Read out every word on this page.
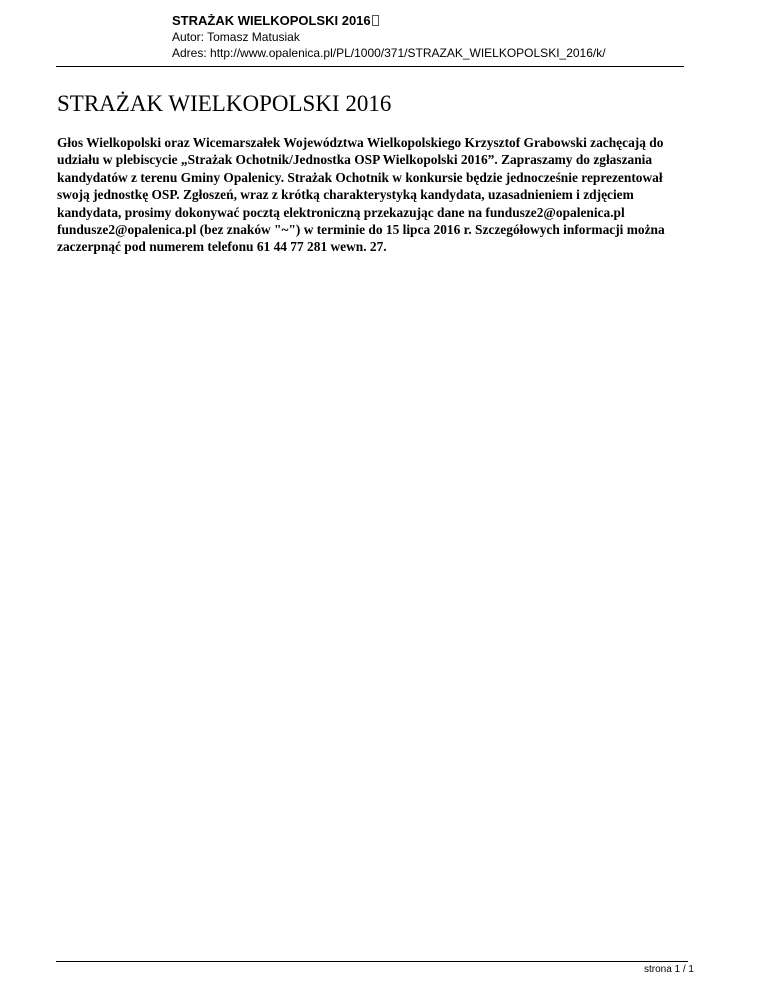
STRAŻAK WIELKOPOLSKI 2016
Autor: Tomasz Matusiak
Adres: http://www.opalenica.pl/PL/1000/371/STRAZAK_WIELKOPOLSKI_2016/k/
STRAŻAK WIELKOPOLSKI 2016

Głos Wielkopolski oraz Wicemarszałek Województwa Wielkopolskiego Krzysztof Grabowski zachęcają do udziału w plebiscycie „Strażak Ochotnik/Jednostka OSP Wielkopolski 2016”. Zapraszamy do zgłaszania kandydatów z terenu Gminy Opalenicy. Strażak Ochotnik w konkursie będzie jednocześnie reprezentował swoją jednostkę OSP. Zgłoszeń, wraz z krótką charakterystyką kandydata, uzasadnieniem i zdjęciem kandydata, prosimy dokonywać pocztą elektroniczną przekazując dane na fundusze2@opalenica.pl fundusze2@opalenica.pl (bez znaków "~") w terminie do 15 lipca 2016 r. Szczegółowych informacji można zaczerpnąć pod numerem telefonu 61 44 77 281 wewn. 27.

strona 1 / 1
